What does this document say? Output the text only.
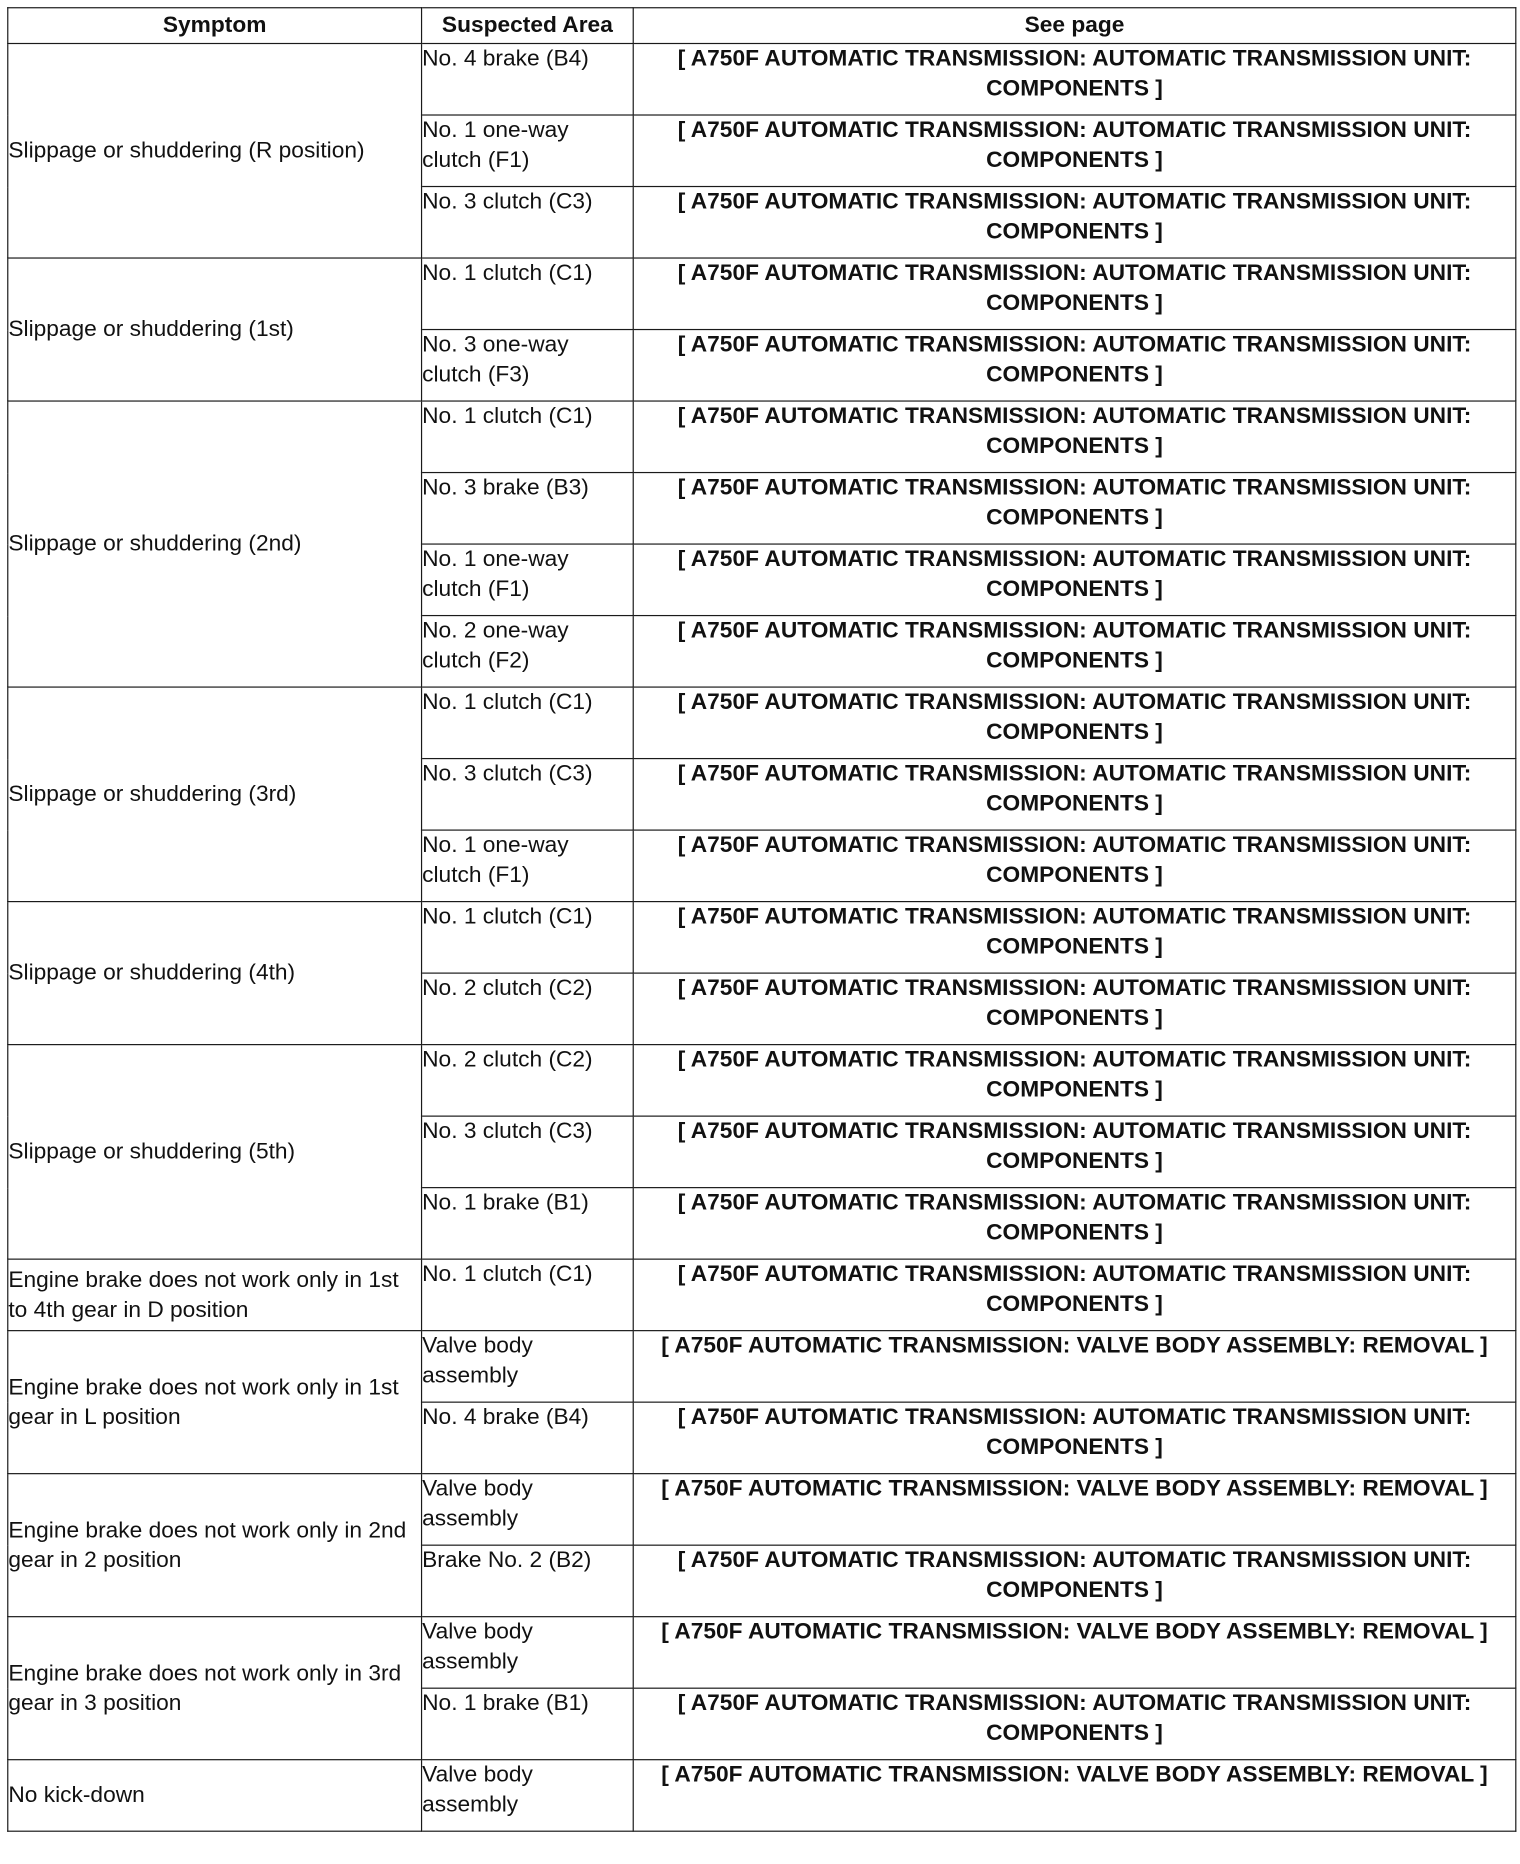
Symptom	Suspected Area	See page
Slippage or shuddering (R position)	No. 4 brake (B4)	[ A750F AUTOMATIC TRANSMISSION: AUTOMATIC TRANSMISSION UNIT: COMPONENTS ]
	No. 1 one-way clutch (F1)	[ A750F AUTOMATIC TRANSMISSION: AUTOMATIC TRANSMISSION UNIT: COMPONENTS ]
	No. 3 clutch (C3)	[ A750F AUTOMATIC TRANSMISSION: AUTOMATIC TRANSMISSION UNIT: COMPONENTS ]
Slippage or shuddering (1st)	No. 1 clutch (C1)	[ A750F AUTOMATIC TRANSMISSION: AUTOMATIC TRANSMISSION UNIT: COMPONENTS ]
	No. 3 one-way clutch (F3)	[ A750F AUTOMATIC TRANSMISSION: AUTOMATIC TRANSMISSION UNIT: COMPONENTS ]
Slippage or shuddering (2nd)	No. 1 clutch (C1)	[ A750F AUTOMATIC TRANSMISSION: AUTOMATIC TRANSMISSION UNIT: COMPONENTS ]
	No. 3 brake (B3)	[ A750F AUTOMATIC TRANSMISSION: AUTOMATIC TRANSMISSION UNIT: COMPONENTS ]
	No. 1 one-way clutch (F1)	[ A750F AUTOMATIC TRANSMISSION: AUTOMATIC TRANSMISSION UNIT: COMPONENTS ]
	No. 2 one-way clutch (F2)	[ A750F AUTOMATIC TRANSMISSION: AUTOMATIC TRANSMISSION UNIT: COMPONENTS ]
Slippage or shuddering (3rd)	No. 1 clutch (C1)	[ A750F AUTOMATIC TRANSMISSION: AUTOMATIC TRANSMISSION UNIT: COMPONENTS ]
	No. 3 clutch (C3)	[ A750F AUTOMATIC TRANSMISSION: AUTOMATIC TRANSMISSION UNIT: COMPONENTS ]
	No. 1 one-way clutch (F1)	[ A750F AUTOMATIC TRANSMISSION: AUTOMATIC TRANSMISSION UNIT: COMPONENTS ]
Slippage or shuddering (4th)	No. 1 clutch (C1)	[ A750F AUTOMATIC TRANSMISSION: AUTOMATIC TRANSMISSION UNIT: COMPONENTS ]
	No. 2 clutch (C2)	[ A750F AUTOMATIC TRANSMISSION: AUTOMATIC TRANSMISSION UNIT: COMPONENTS ]
Slippage or shuddering (5th)	No. 2 clutch (C2)	[ A750F AUTOMATIC TRANSMISSION: AUTOMATIC TRANSMISSION UNIT: COMPONENTS ]
	No. 3 clutch (C3)	[ A750F AUTOMATIC TRANSMISSION: AUTOMATIC TRANSMISSION UNIT: COMPONENTS ]
	No. 1 brake (B1)	[ A750F AUTOMATIC TRANSMISSION: AUTOMATIC TRANSMISSION UNIT: COMPONENTS ]
Engine brake does not work only in 1st to 4th gear in D position	No. 1 clutch (C1)	[ A750F AUTOMATIC TRANSMISSION: AUTOMATIC TRANSMISSION UNIT: COMPONENTS ]
Engine brake does not work only in 1st gear in L position	Valve body assembly	[ A750F AUTOMATIC TRANSMISSION: VALVE BODY ASSEMBLY: REMOVAL ]
	No. 4 brake (B4)	[ A750F AUTOMATIC TRANSMISSION: AUTOMATIC TRANSMISSION UNIT: COMPONENTS ]
Engine brake does not work only in 2nd gear in 2 position	Valve body assembly	[ A750F AUTOMATIC TRANSMISSION: VALVE BODY ASSEMBLY: REMOVAL ]
	Brake No. 2 (B2)	[ A750F AUTOMATIC TRANSMISSION: AUTOMATIC TRANSMISSION UNIT: COMPONENTS ]
Engine brake does not work only in 3rd gear in 3 position	Valve body assembly	[ A750F AUTOMATIC TRANSMISSION: VALVE BODY ASSEMBLY: REMOVAL ]
	No. 1 brake (B1)	[ A750F AUTOMATIC TRANSMISSION: AUTOMATIC TRANSMISSION UNIT: COMPONENTS ]
No kick-down	Valve body assembly	[ A750F AUTOMATIC TRANSMISSION: VALVE BODY ASSEMBLY: REMOVAL ]
